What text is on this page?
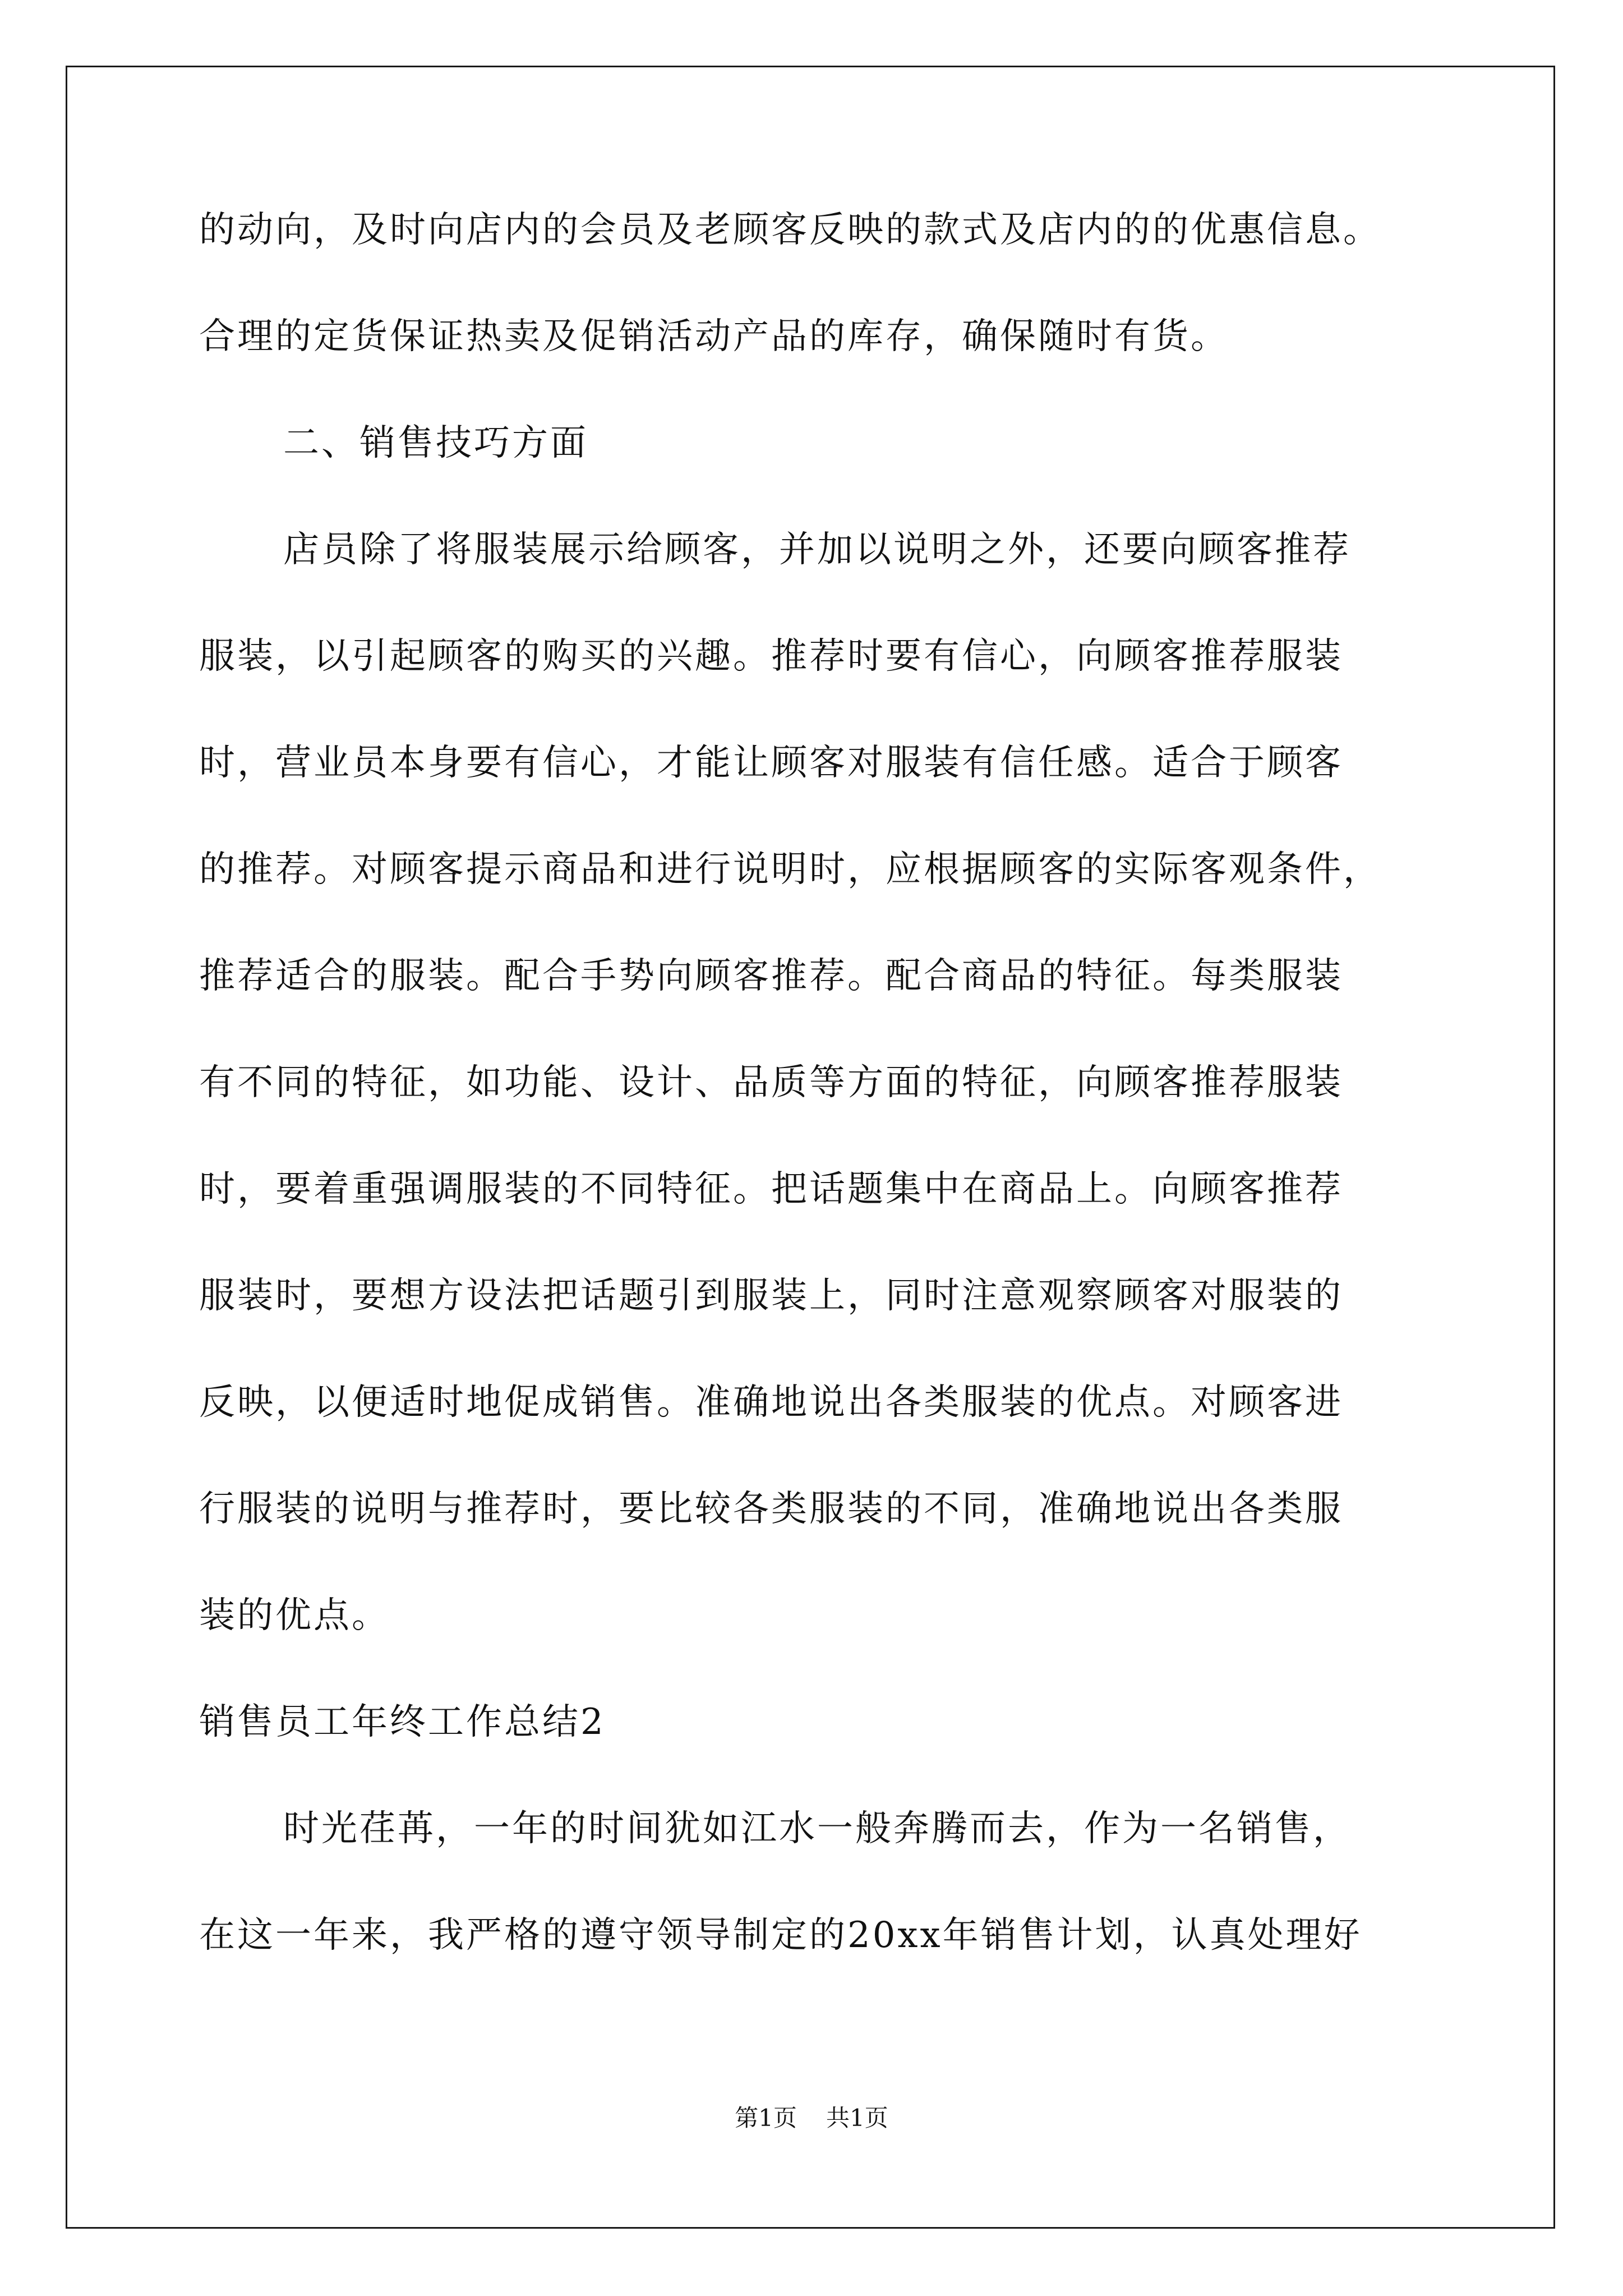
的动向，及时向店内的会员及老顾客反映的款式及店内的的优惠信息。
合理的定货保证热卖及促销活动产品的库存，确保随时有货。
二、销售技巧方面
店员除了将服装展示给顾客，并加以说明之外，还要向顾客推荐
服装，以引起顾客的购买的兴趣。推荐时要有信心，向顾客推荐服装
时，营业员本身要有信心，才能让顾客对服装有信任感。适合于顾客
的推荐。对顾客提示商品和进行说明时，应根据顾客的实际客观条件，
推荐适合的服装。配合手势向顾客推荐。配合商品的特征。每类服装
有不同的特征，如功能、设计、品质等方面的特征，向顾客推荐服装
时，要着重强调服装的不同特征。把话题集中在商品上。向顾客推荐
服装时，要想方设法把话题引到服装上，同时注意观察顾客对服装的
反映，以便适时地促成销售。准确地说出各类服装的优点。对顾客进
行服装的说明与推荐时，要比较各类服装的不同，准确地说出各类服
装的优点。
销售员工年终工作总结2
时光荏苒，一年的时间犹如江水一般奔腾而去，作为一名销售，
在这一年来，我严格的遵守领导制定的20xx年销售计划，认真处理好
第1页 共1页
